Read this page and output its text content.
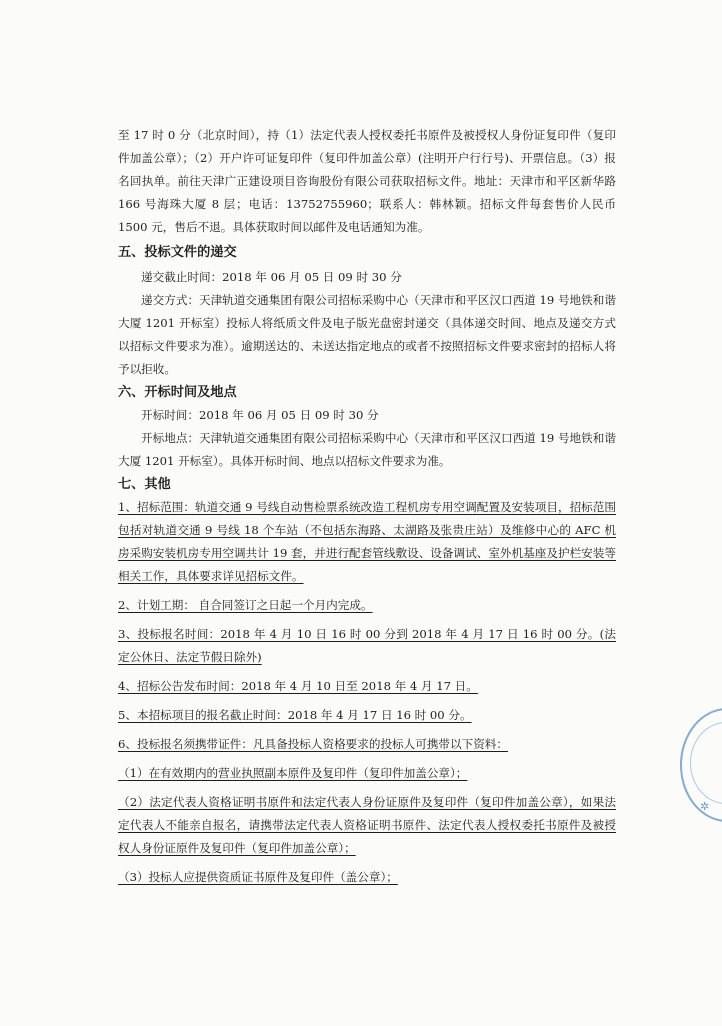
至 17 时 0 分（北京时间），持（1）法定代表人授权委托书原件及被授权人身份证复印件（复印件加盖公章）；（2）开户许可证复印件（复印件加盖公章）(注明开户行行号)、开票信息。（3）报名回执单。前往天津广正建设项目咨询股份有限公司获取招标文件。地址：天津市和平区新华路 166 号海珠大厦 8 层；电话：13752755960；联系人：韩林颖。招标文件每套售价人民币 1500 元，售后不退。具体获取时间以邮件及电话通知为准。

五、投标文件的递交

递交截止时间：2018 年 06 月 05 日 09 时 30 分

递交方式：天津轨道交通集团有限公司招标采购中心（天津市和平区汉口西道 19 号地铁和谐大厦 1201 开标室）投标人将纸质文件及电子版光盘密封递交（具体递交时间、地点及递交方式以招标文件要求为准）。逾期送达的、未送达指定地点的或者不按照招标文件要求密封的招标人将予以拒收。

六、开标时间及地点

开标时间：2018 年 06 月 05 日 09 时 30 分

开标地点：天津轨道交通集团有限公司招标采购中心（天津市和平区汉口西道 19 号地铁和谐大厦 1201 开标室）。具体开标时间、地点以招标文件要求为准。

七、其他

1、招标范围：轨道交通 9 号线自动售检票系统改造工程机房专用空调配置及安装项目，招标范围包括对轨道交通 9 号线 18 个车站（不包括东海路、太湖路及张贵庄站）及维修中心的 AFC 机房采购安装机房专用空调共计 19 套，并进行配套管线敷设、设备调试、室外机基座及护栏安装等相关工作，具体要求详见招标文件。

2、计划工期： 自合同签订之日起一个月内完成。

3、投标报名时间：2018 年 4 月 10 日 16 时 00 分到 2018 年 4 月 17 日 16 时 00 分。(法定公休日、法定节假日除外)

4、招标公告发布时间：2018 年 4 月 10 日至 2018 年 4 月 17 日。

5、本招标项目的报名截止时间：2018 年 4 月 17 日 16 时 00 分。

6、投标报名须携带证件：凡具备投标人资格要求的投标人可携带以下资料：

（1）在有效期内的营业执照副本原件及复印件（复印件加盖公章）；

（2）法定代表人资格证明书原件和法定代表人身份证原件及复印件（复印件加盖公章），如果法定代表人不能亲自报名，请携带法定代表人资格证明书原件、法定代表人授权委托书原件及被授权人身份证原件及复印件（复印件加盖公章）；

（3）投标人应提供资质证书原件及复印件（盖公章）；

✲
